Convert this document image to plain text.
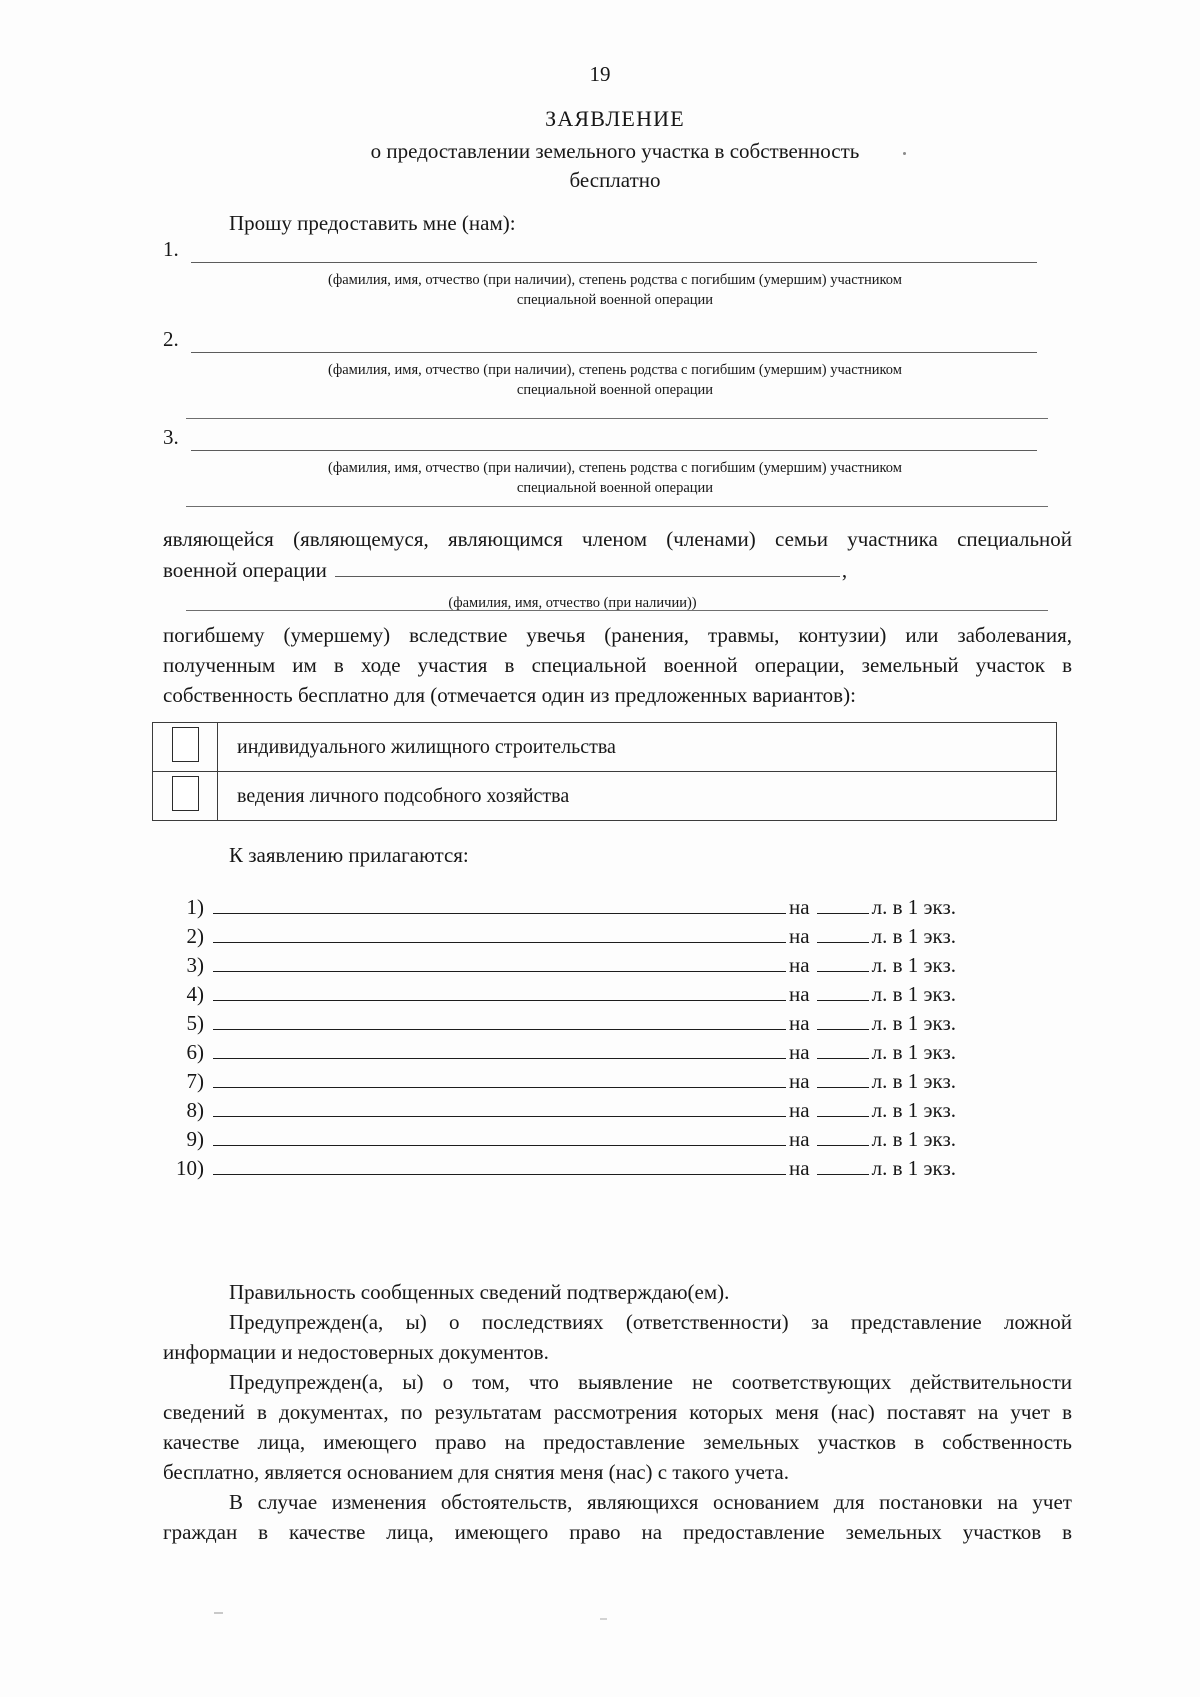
19
ЗАЯВЛЕНИЕ
о предоставлении земельного участка в собственность
бесплатно
Прошу предоставить мне (нам):
1.
(фамилия, имя, отчество (при наличии), степень родства с погибшим (умершим) участником
специальной военной операции
2.
(фамилия, имя, отчество (при наличии), степень родства с погибшим (умершим) участником
специальной военной операции
3.
(фамилия, имя, отчество (при наличии), степень родства с погибшим (умершим) участником
специальной военной операции
являющейся (являющемуся, являющимся членом (членами) семьи участника специальной
военной операции	,
(фамилия, имя, отчество (при наличии))

погибшему (умершему) вследствие увечья (ранения, травмы, контузии) или заболевания,

полученным им в ходе участия в специальной военной операции, земельный участок в

собственность бесплатно для (отмечается один из предложенных вариантов):

	индивидуального жилищного строительства
	ведения личного подсобного хозяйства
К заявлению прилагаются:
1)	на	л. в 1 экз.
2)	на	л. в 1 экз.
3)	на	л. в 1 экз.
4)	на	л. в 1 экз.
5)	на	л. в 1 экз.
6)	на	л. в 1 экз.
7)	на	л. в 1 экз.
8)	на	л. в 1 экз.
9)	на	л. в 1 экз.
10)	на	л. в 1 экз.

Правильность сообщенных сведений подтверждаю(ем).

Предупрежден(а, ы) о последствиях (ответственности) за представление ложной

информации и недостоверных документов.

Предупрежден(а, ы) о том, что выявление не соответствующих действительности

сведений в документах, по результатам рассмотрения которых меня (нас) поставят на учет в

качестве лица, имеющего право на предоставление земельных участков в собственность

бесплатно, является основанием для снятия меня (нас) с такого учета.

В случае изменения обстоятельств, являющихся основанием для постановки на учет

граждан в качестве лица, имеющего право на предоставление земельных участков в
